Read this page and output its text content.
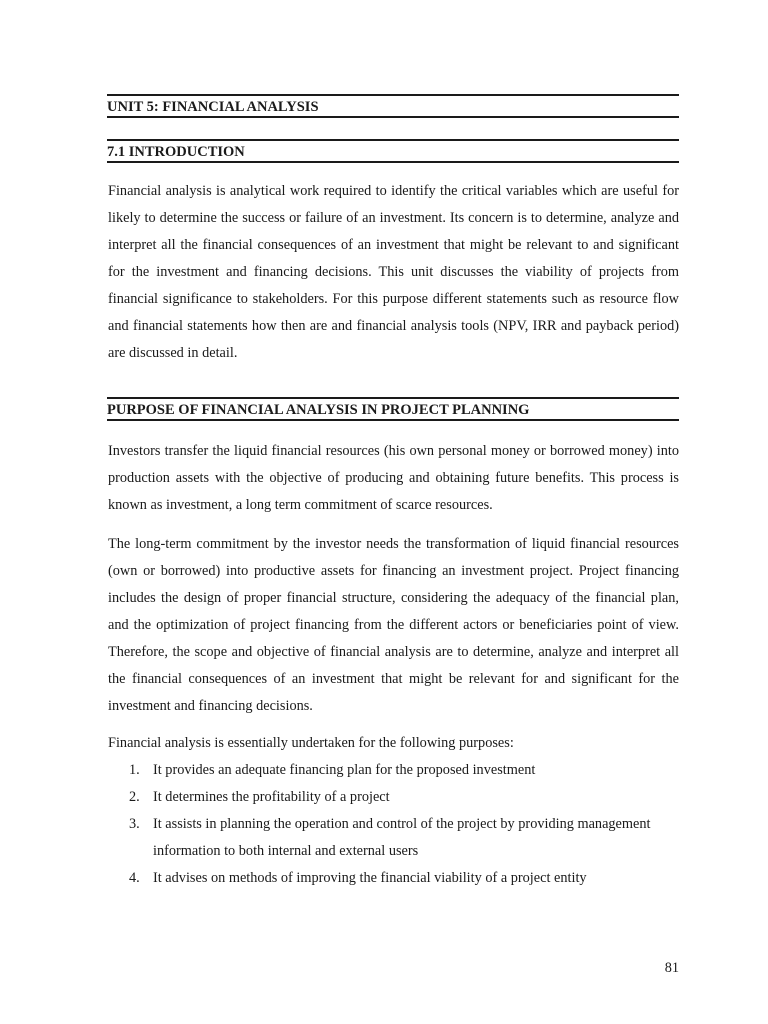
UNIT 5: FINANCIAL ANALYSIS
7.1 INTRODUCTION

Financial analysis is analytical work required to identify the critical variables which are useful for likely to determine the success or failure of an investment. Its concern is to determine, analyze and interpret all the financial consequences of an investment that might be relevant to and significant for the investment and financing decisions. This unit discusses the viability of projects from financial significance to stakeholders. For this purpose different statements such as resource flow and financial statements how then are and financial analysis tools (NPV, IRR and payback period) are discussed in detail.

PURPOSE OF FINANCIAL ANALYSIS IN PROJECT PLANNING

Investors transfer the liquid financial resources (his own personal money or borrowed money) into production assets with the objective of producing and obtaining future benefits. This process is known as investment, a long term commitment of scarce resources.

The long-term commitment by the investor needs the transformation of liquid financial resources (own or borrowed) into productive assets for financing an investment project. Project financing includes the design of proper financial structure, considering the adequacy of the financial plan, and the optimization of project financing from the different actors or beneficiaries point of view. Therefore, the scope and objective of financial analysis are to determine, analyze and interpret all the financial consequences of an investment that might be relevant for and significant for the investment and financing decisions.

Financial analysis is essentially undertaken for the following purposes:

1. It provides an adequate financing plan for the proposed investment
2. It determines the profitability of a project
3. It assists in planning the operation and control of the project by providing management information to both internal and external users
4. It advises on methods of improving the financial viability of a project entity
81
